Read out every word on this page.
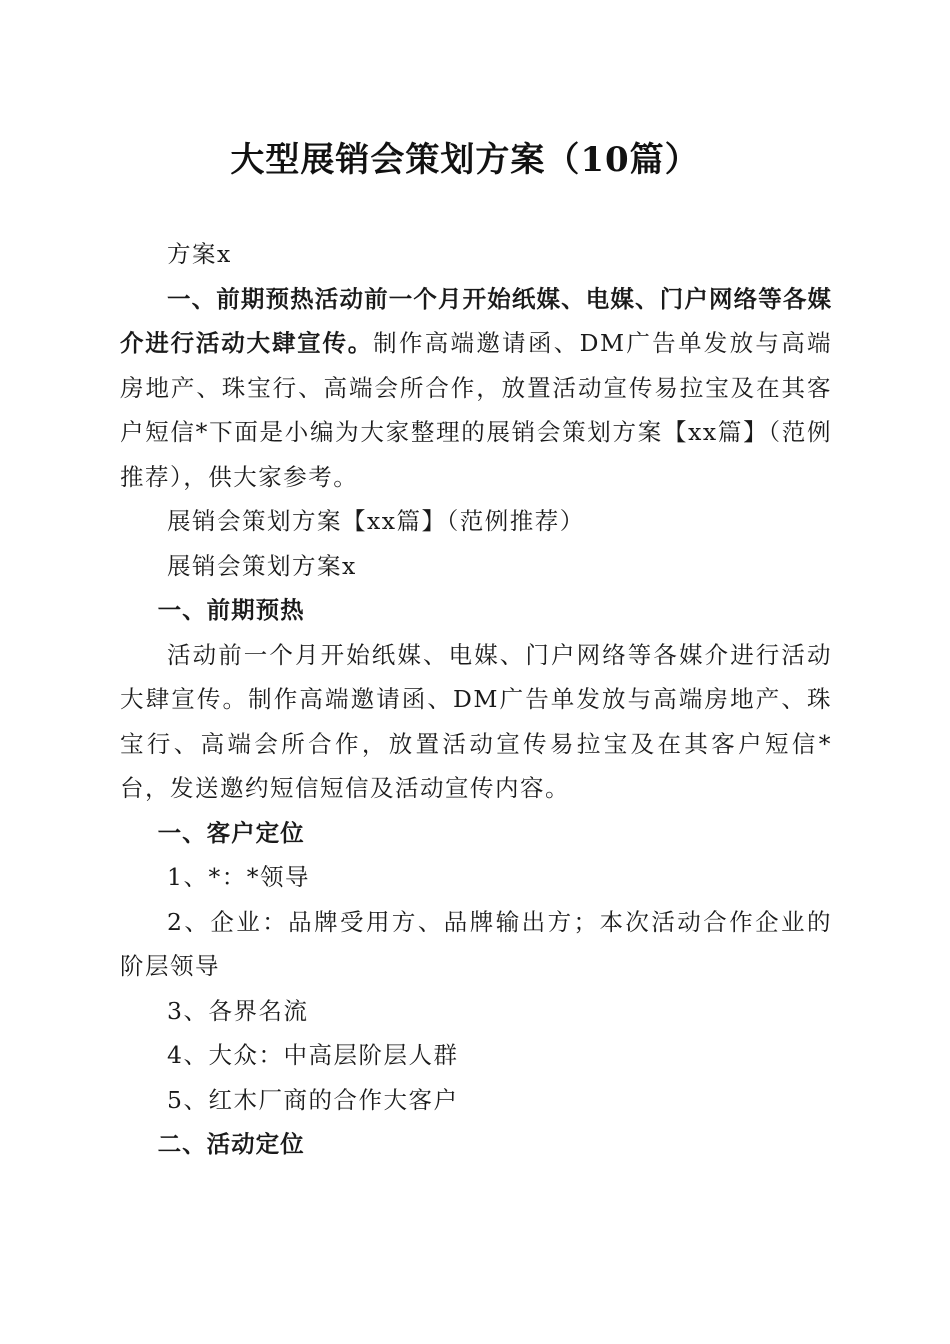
大型展销会策划方案（10篇）

方案x

一、前期预热活动前一个月开始纸媒、电媒、门户网络等各媒介进行活动大肆宣传。制作高端邀请函、DM广告单发放与高端房地产、珠宝行、高端会所合作，放置活动宣传易拉宝及在其客户短信*下面是小编为大家整理的展销会策划方案【xx篇】（范例推荐），供大家参考。

展销会策划方案【xx篇】（范例推荐）

展销会策划方案x

一、前期预热

活动前一个月开始纸媒、电媒、门户网络等各媒介进行活动大肆宣传。制作高端邀请函、DM广告单发放与高端房地产、珠宝行、高端会所合作，放置活动宣传易拉宝及在其客户短信*台，发送邀约短信短信及活动宣传内容。

一、客户定位

1、*：*领导

2、企业：品牌受用方、品牌输出方；本次活动合作企业的阶层领导

3、各界名流

4、大众：中高层阶层人群

5、红木厂商的合作大客户

二、活动定位
